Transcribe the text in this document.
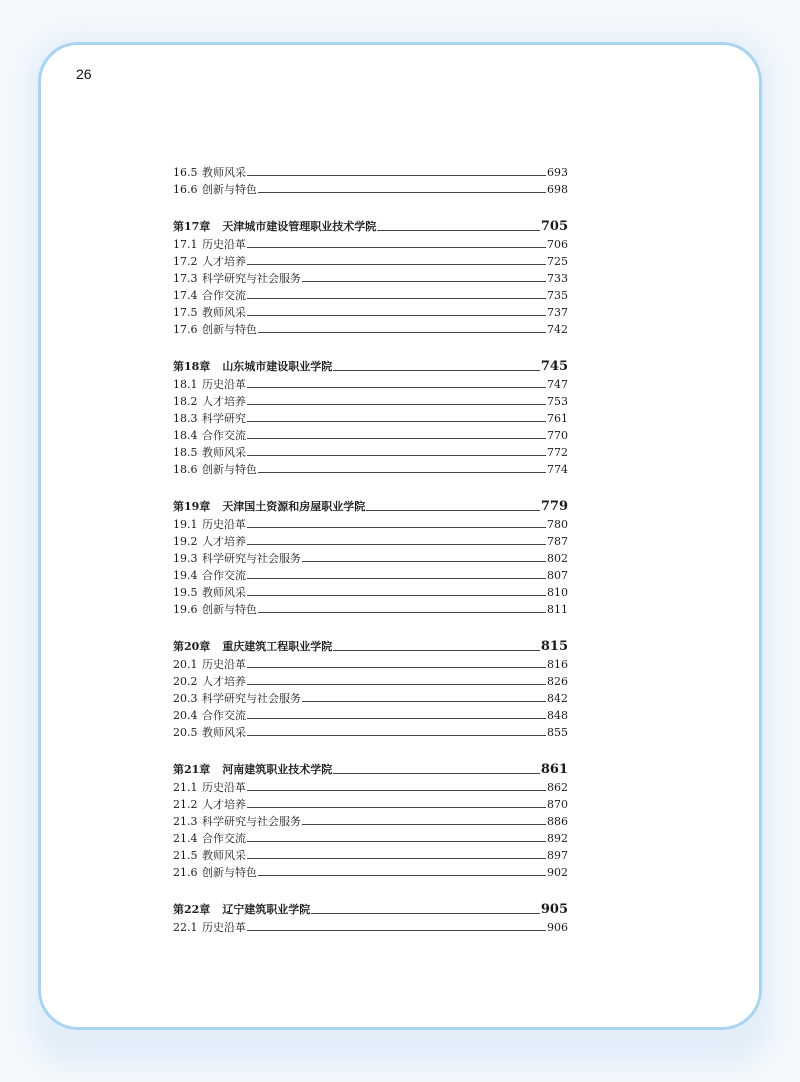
26
16.5 教师风采	693
16.6 创新与特色	698
第17章 天津城市建设管理职业技术学院	705
17.1 历史沿革	706
17.2 人才培养	725
17.3 科学研究与社会服务	733
17.4 合作交流	735
17.5 教师风采	737
17.6 创新与特色	742
第18章 山东城市建设职业学院	745
18.1 历史沿革	747
18.2 人才培养	753
18.3 科学研究	761
18.4 合作交流	770
18.5 教师风采	772
18.6 创新与特色	774
第19章 天津国土资源和房屋职业学院	779
19.1 历史沿革	780
19.2 人才培养	787
19.3 科学研究与社会服务	802
19.4 合作交流	807
19.5 教师风采	810
19.6 创新与特色	811
第20章 重庆建筑工程职业学院	815
20.1 历史沿革	816
20.2 人才培养	826
20.3 科学研究与社会服务	842
20.4 合作交流	848
20.5 教师风采	855
第21章 河南建筑职业技术学院	861
21.1 历史沿革	862
21.2 人才培养	870
21.3 科学研究与社会服务	886
21.4 合作交流	892
21.5 教师风采	897
21.6 创新与特色	902
第22章 辽宁建筑职业学院	905
22.1 历史沿革	906
